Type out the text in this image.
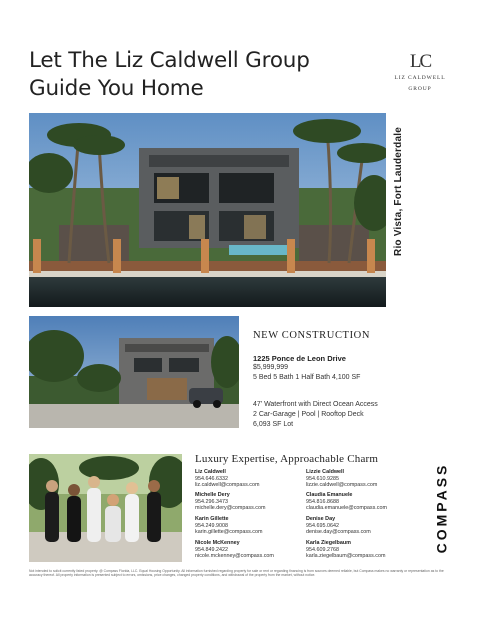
Let The Liz Caldwell Group
Guide You Home
LC
LIZ CALDWELL
GROUP
Rio Vista, Fort Lauderdale
NEW CONSTRUCTION
1225 Ponce de Leon Drive
$5,999,999
5 Bed 5 Bath 1 Half Bath 4,100 SF
47' Waterfront with Direct Ocean Access
2 Car-Garage | Pool | Rooftop Deck
6,093 SF Lot
Luxury Expertise, Approachable Charm
Liz Caldwell
954.646.6332
liz.caldwell@compass.com
Lizzie Caldwell
954.610.9285
lizzie.caldwell@compass.com
Michelle Dery
954.296.3473
michelle.dery@compass.com
Claudia Emanuele
954.816.8688
claudia.emanuele@compass.com
Karin Gillette
954.249.9008
karin.gillette@compass.com
Denise Day
954.695.0642
denise.day@compass.com
Nicole McKenney
954.849.2422
nicole.mckenney@compass.com
Karla Ziegelbaum
954.609.2768
karla.ziegelbaum@compass.com
COMPASS
Not intended to solicit currently listed property. @ Compass Florida, LLC. Equal Housing Opportunity. All information furnished regarding property for sale or rent or regarding financing is from sources deemed reliable, but Compass makes no warranty or representation as to the accuracy thereof. All property information is presented subject to errors, omissions, price changes, changed property conditions, and withdrawal of the property from the market, without notice.
